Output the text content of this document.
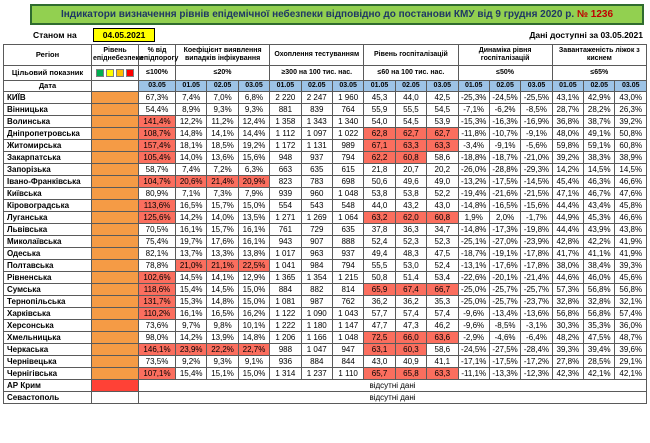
Індикатори визначення рівнів епідемічної небезпеки відповідно до постанови КМУ від 9 грудня 2020 р. № 1236
Станом на	04.05.2021	Дані доступні за 03.05.2021
Регіон	Рівень епіднебезпеки	% від епідпорогу	Коефіцієнт виявлення випадків інфікування			Охоплення тестуванням			Рівень госпіталізацій			Динаміка рівня госпіталізацій			Завантаженість ліжок з киснем		
Цільовий показник		≤100%	≤20%			≥300 на 100 тис. нас.			≤60 на 100 тис. нас.			≤50%			≤65%		
Дата		03.05	01.05	02.05	03.05	01.05	02.05	03.05	01.05	02.05	03.05	01.05	02.05	03.05	01.05	02.05	03.05
КИЇВ		67,3%	7,4%	7,0%	6,8%	2 220	2 247	1 960	45,3	44,0	42,5	-25,3%	-24,5%	-25,5%	43,1%	42,9%	43,0%
Вінницька		54,4%	8,9%	9,3%	9,3%	881	839	764	55,9	55,5	54,5	-7,1%	-6,2%	-8,5%	28,7%	28,2%	26,3%
Волинська		141,4%	12,2%	11,2%	12,4%	1 358	1 343	1 340	54,0	54,5	53,9	-15,3%	-16,3%	-16,9%	36,8%	38,7%	39,2%
Дніпропетровська		108,7%	14,8%	14,1%	14,4%	1 112	1 097	1 022	62,8	62,7	62,7	-11,8%	-10,7%	-9,1%	48,0%	49,1%	50,8%
Житомирська		157,4%	18,1%	18,5%	19,2%	1 172	1 131	989	67,1	63,3	63,3	-3,4%	-9,1%	-5,6%	59,8%	59,1%	60,8%
Закарпатська		105,4%	14,0%	13,6%	15,6%	948	937	794	62,2	60,8	58,6	-18,8%	-18,7%	-21,0%	39,2%	38,3%	38,9%
Запорізька		58,7%	7,4%	7,2%	6,3%	663	635	615	21,8	20,7	20,2	-26,0%	-28,8%	-29,3%	14,2%	14,5%	14,5%
Івано-Франківська		104,7%	20,6%	21,4%	20,9%	823	783	698	50,6	49,6	49,0	-13,2%	-17,5%	-14,5%	45,4%	46,3%	46,6%
Київська		80,9%	7,1%	7,3%	7,9%	939	960	1 048	53,8	53,8	52,2	-19,4%	-21,6%	-21,5%	47,1%	46,7%	47,6%
Кіровоградська		113,6%	16,5%	15,7%	15,0%	554	543	548	44,0	43,2	43,0	-14,8%	-16,5%	-15,6%	44,4%	43,4%	45,8%
Луганська		125,6%	14,2%	14,0%	13,5%	1 271	1 269	1 064	63,2	62,0	60,8	1,9%	2,0%	-1,7%	44,9%	45,3%	46,6%
Львівська		70,5%	16,1%	15,7%	16,1%	761	729	635	37,8	36,3	34,7	-14,8%	-17,3%	-19,8%	44,4%	43,9%	43,8%
Миколаївська		75,4%	19,7%	17,6%	16,1%	943	907	888	52,4	52,3	52,3	-25,1%	-27,0%	-23,9%	42,8%	42,2%	41,9%
Одеська		82,1%	13,7%	13,3%	13,8%	1 017	963	937	49,4	48,3	47,5	-18,7%	-19,1%	-17,8%	41,7%	41,1%	41,9%
Полтавська		78,8%	21,0%	21,1%	22,5%	1 041	984	794	55,5	53,0	52,4	-13,1%	-17,6%	-17,8%	38,0%	38,4%	39,3%
Рівненська		102,6%	14,5%	14,1%	12,9%	1 365	1 354	1 215	50,8	51,4	53,4	-22,6%	-20,1%	-21,4%	44,6%	46,0%	45,6%
Сумська		118,6%	15,4%	14,5%	15,0%	884	882	814	65,9	67,4	66,7	-25,0%	-25,7%	-25,7%	57,3%	56,8%	56,8%
Тернопільська		131,7%	15,3%	14,8%	15,0%	1 081	987	762	36,2	36,2	35,3	-25,0%	-25,7%	-23,7%	32,8%	32,8%	32,1%
Харківська		110,2%	16,1%	16,5%	16,2%	1 122	1 090	1 043	57,7	57,4	57,4	-9,6%	-13,4%	-13,6%	56,8%	56,8%	57,4%
Херсонська		73,6%	9,7%	9,8%	10,1%	1 222	1 180	1 147	47,7	47,3	46,2	-9,6%	-8,5%	-3,1%	30,3%	35,3%	36,0%
Хмельницька		98,0%	14,2%	13,9%	14,8%	1 206	1 166	1 048	72,5	66,0	63,6	-2,9%	-4,6%	-6,4%	48,2%	47,5%	48,7%
Черкаська		146,1%	23,9%	22,2%	22,7%	988	1 047	947	63,1	60,3	58,6	-24,5%	-27,5%	-28,4%	39,3%	39,4%	39,6%
Чернівецька		73,5%	9,2%	9,3%	9,1%	936	884	844	43,0	40,9	41,1	-17,1%	-17,5%	-17,2%	27,8%	28,5%	29,1%
Чернігівська		107,1%	15,4%	15,1%	15,0%	1 314	1 237	1 110	65,7	65,8	63,3	-11,1%	-13,3%	-12,3%	42,3%	42,1%	42,1%
АР Крим		відсутні дані															
Севастополь		відсутні дані															
